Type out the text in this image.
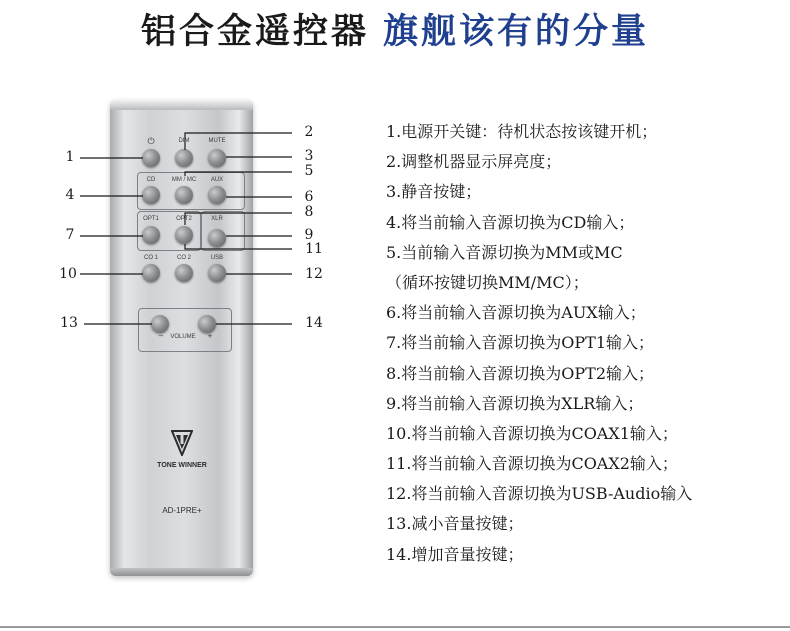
铝合金遥控器 旗舰该有的分量
⏻	DIM	MUTE
CD	MM / MC	AUX
OPT1	OPT2	XLR
CO 1	CO 2	USB
−	VOLUME	+
TONE WINNER
AD-1PRE+
1
2
3
4
5
6
7
8
9
10
11
12
13	14
1.电源开关键：待机状态按该键开机；
2.调整机器显示屏亮度；
3.静音按键；
4.将当前输入音源切换为CD输入；
5.当前输入音源切换为MM或MC
（循环按键切换MM/MC）；
6.将当前输入音源切换为AUX输入；
7.将当前输入音源切换为OPT1输入；
8.将当前输入音源切换为OPT2输入；
9.将当前输入音源切换为XLR输入；
10.将当前输入音源切换为COAX1输入；
11.将当前输入音源切换为COAX2输入；
12.将当前输入音源切换为USB-Audio输入
13.减小音量按键；
14.增加音量按键；
